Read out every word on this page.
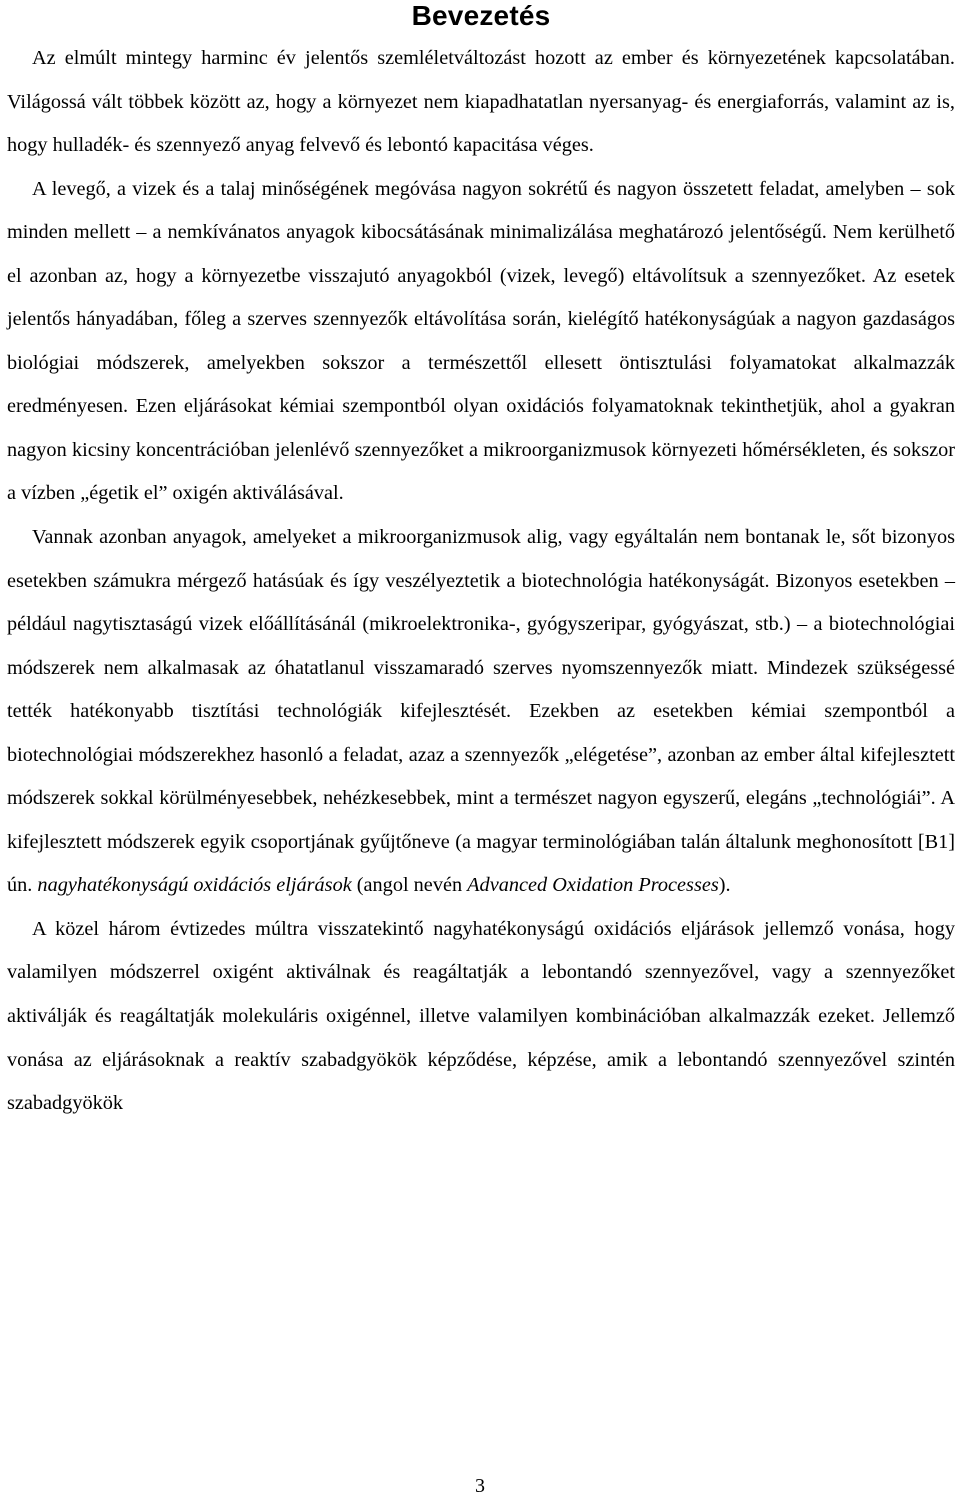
Bevezetés

Az elmúlt mintegy harminc év jelentős szemléletváltozást hozott az ember és környezetének kapcsolatában. Világossá vált többek között az, hogy a környezet nem kiapadhatatlan nyersanyag- és energiaforrás, valamint az is, hogy hulladék- és szennyező anyag felvevő és lebontó kapacitása véges.

A levegő, a vizek és a talaj minőségének megóvása nagyon sokrétű és nagyon összetett feladat, amelyben – sok minden mellett – a nemkívánatos anyagok kibocsátásának minimalizálása meghatározó jelentőségű. Nem kerülhető el azonban az, hogy a környezetbe visszajutó anyagokból (vizek, levegő) eltávolítsuk a szennyezőket. Az esetek jelentős hányadában, főleg a szerves szennyezők eltávolítása során, kielégítő hatékonyságúak a nagyon gazdaságos biológiai módszerek, amelyekben sokszor a természettől ellesett öntisztulási folyamatokat alkalmazzák eredményesen. Ezen eljárásokat kémiai szempontból olyan oxidációs folyamatoknak tekinthetjük, ahol a gyakran nagyon kicsiny koncentrációban jelenlévő szennyezőket a mikroorganizmusok környezeti hőmérsékleten, és sokszor a vízben „égetik el” oxigén aktiválásával.

Vannak azonban anyagok, amelyeket a mikroorganizmusok alig, vagy egyáltalán nem bontanak le, sőt bizonyos esetekben számukra mérgező hatásúak és így veszélyeztetik a biotechnológia hatékonyságát. Bizonyos esetekben – például nagytisztaságú vizek előállításánál (mikroelektronika-, gyógyszeripar, gyógyászat, stb.) – a biotechnológiai módszerek nem alkalmasak az óhatatlanul visszamaradó szerves nyomszennyezők miatt. Mindezek szükségessé tették hatékonyabb tisztítási technológiák kifejlesztését. Ezekben az esetekben kémiai szempontból a biotechnológiai módszerekhez hasonló a feladat, azaz a szennyezők „elégetése”, azonban az ember által kifejlesztett módszerek sokkal körülményesebbek, nehézkesebbek, mint a természet nagyon egyszerű, elegáns „technológiái”. A kifejlesztett módszerek egyik csoportjának gyűjtőneve (a magyar terminológiában talán általunk meghonosított [B1] ún. nagyhatékonyságú oxidációs eljárások (angol nevén Advanced Oxidation Processes).

A közel három évtizedes múltra visszatekintő nagyhatékonyságú oxidációs eljárások jellemző vonása, hogy valamilyen módszerrel oxigént aktiválnak és reagáltatják a lebontandó szennyezővel, vagy a szennyezőket aktiválják és reagáltatják molekuláris oxigénnel, illetve valamilyen kombinációban alkalmazzák ezeket. Jellemző vonása az eljárásoknak a reaktív szabadgyökök képződése, képzése, amik a lebontandó szennyezővel szintén szabadgyökök

3
